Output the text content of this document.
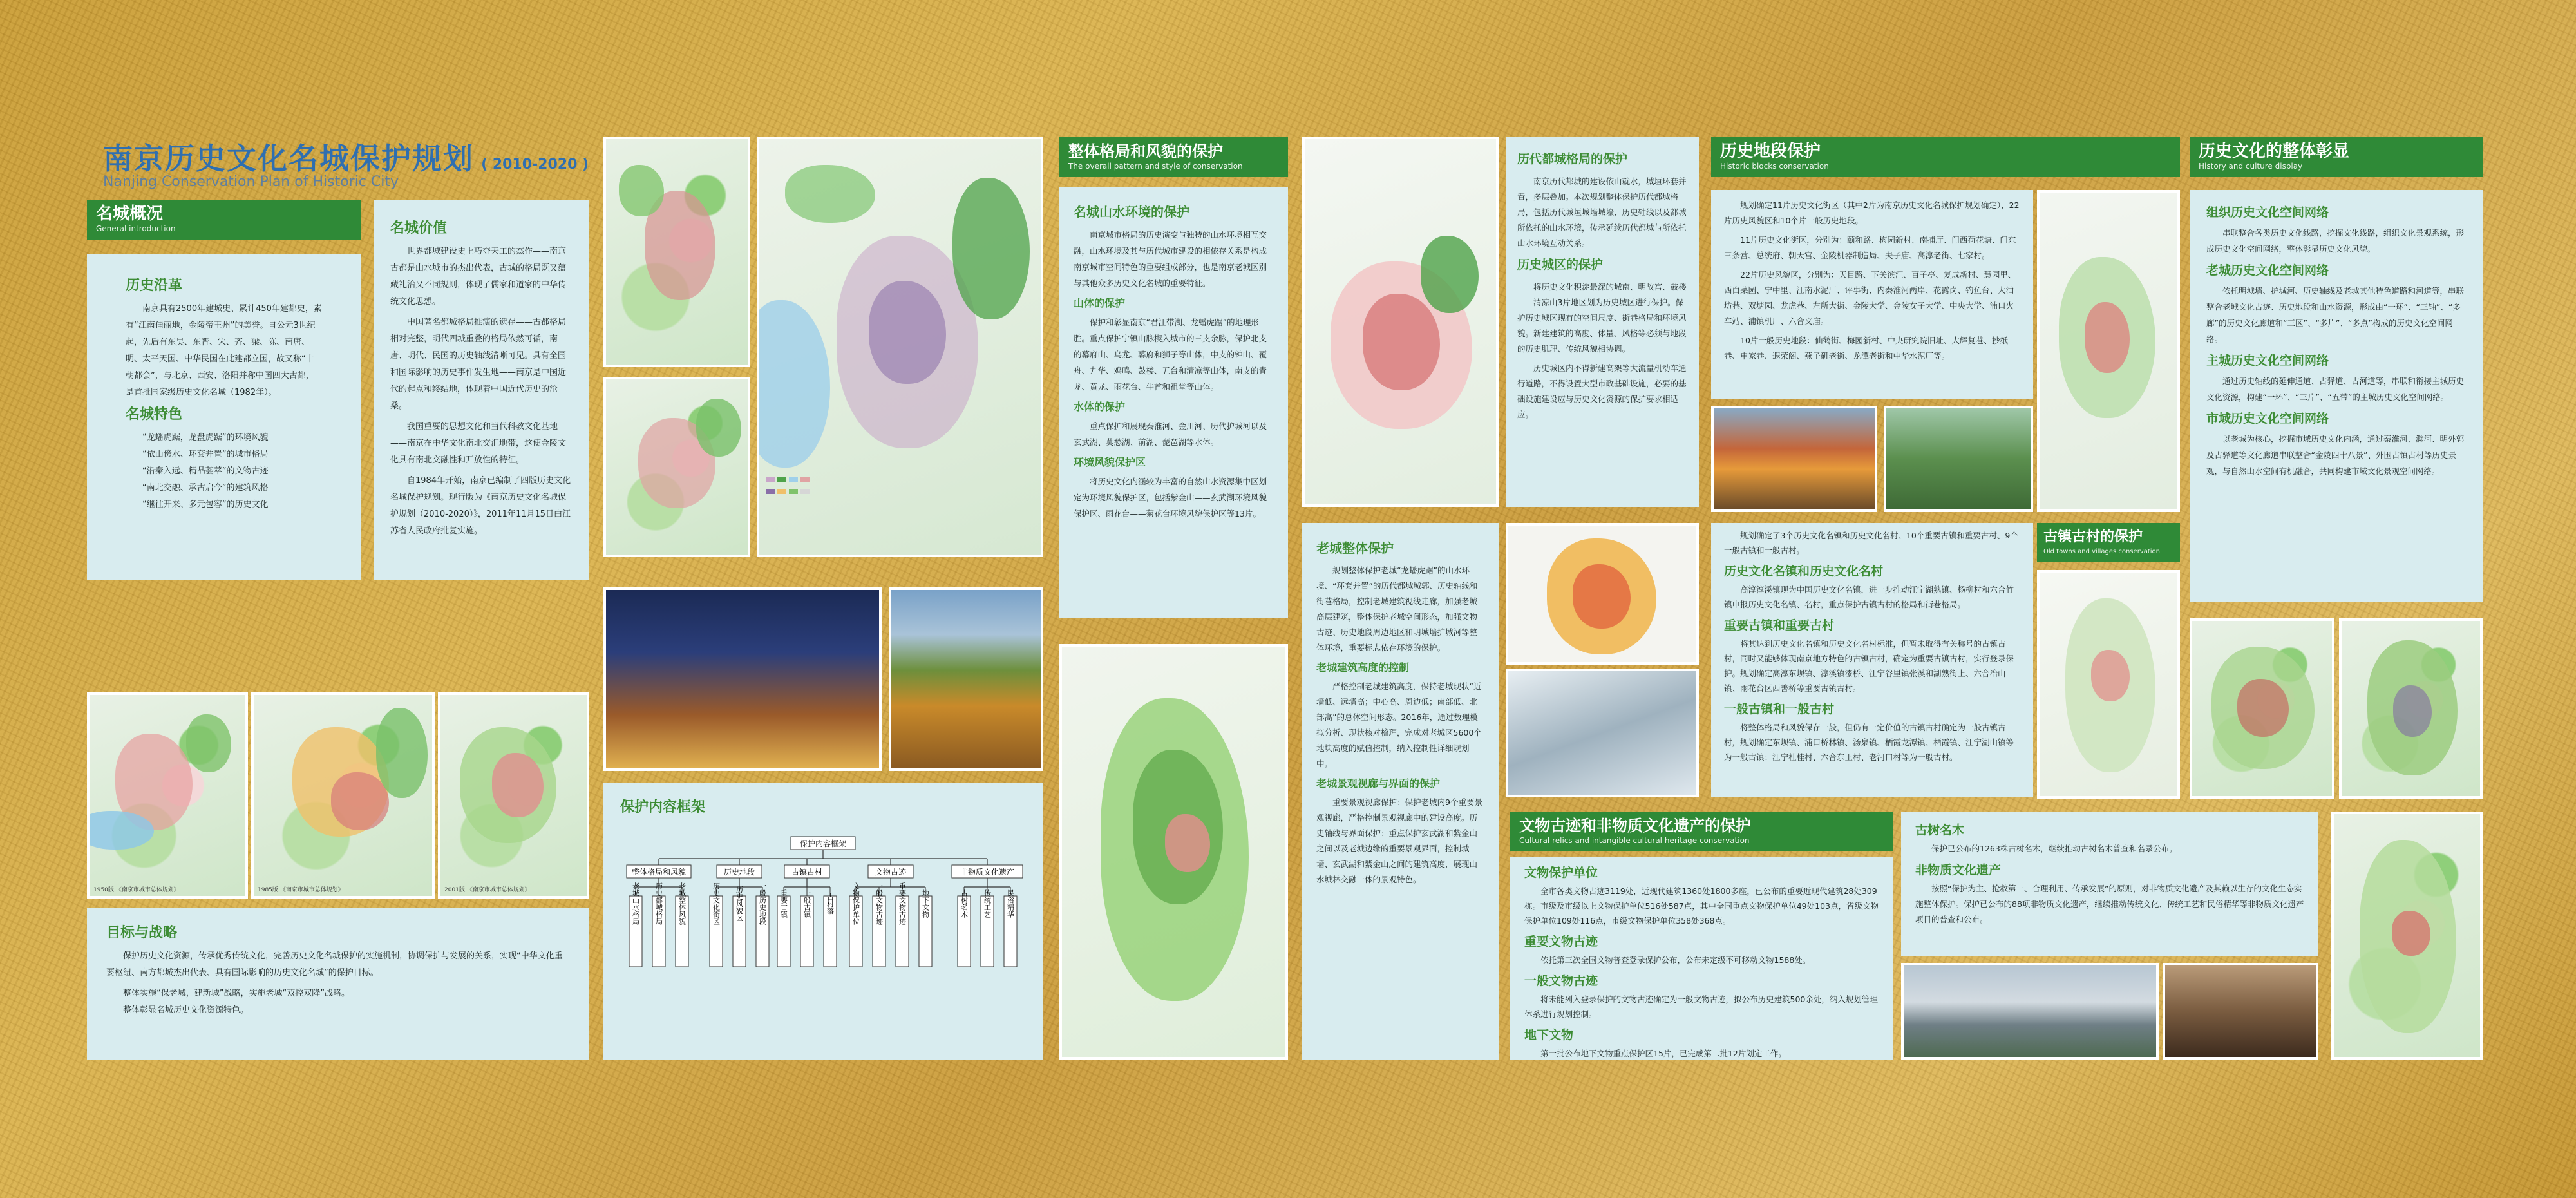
南京历史文化名城保护规划 ( 2010-2020 )
Nanjing Conservation Plan of Historic City
名城概况
General introduction
历史沿革

南京具有2500年建城史、累计450年建都史，素有“江南佳丽地，金陵帝王州”的美誉。自公元3世纪起，先后有东吴、东晋、宋、齐、梁、陈、南唐、明、太平天国、中华民国在此建都立国，故又称“十朝都会”，与北京、西安、洛阳并称中国四大古都，是首批国家级历史文化名城（1982年）。

名城特色
“龙蟠虎踞，龙盘虎踞”的环境风貌
“依山傍水、环套并置”的城市格局
“沿秦入远、精品荟萃”的文物古迹
“南北交融、承古启今”的建筑风格
“继往开来、多元包容”的历史文化
名城价值

世界都城建设史上巧夺天工的杰作——南京古都是山水城市的杰出代表，古城的格局既又蕴藏礼治又不同规则，体现了儒家和道家的中华传统文化思想。

中国著名都城格局推演的遗存——古都格局相对完整，明代四城重叠的格局依然可循，南唐、明代、民国的历史轴线清晰可见。具有全国和国际影响的历史事件发生地——南京是中国近代的起点和终结地，体现着中国近代历史的沧桑。

我国重要的思想文化和当代科教文化基地——南京在中华文化南北交汇地带，这使金陵文化具有南北交融性和开放性的特征。

自1984年开始，南京已编制了四版历史文化名城保护规划。现行版为《南京历史文化名城保护规划（2010-2020）》，2011年11月15日由江苏省人民政府批复实施。

1950版 《南京市城市总体规划》	1985版 《南京市城市总体规划》	2001版 《南京市城市总体规划》
目标与战略

保护历史文化资源，传承优秀传统文化，完善历史文化名城保护的实施机制，协调保护与发展的关系，实现“中华文化重要枢纽、南方都城杰出代表、具有国际影响的历史文化名城”的保护目标。

整体实施“保老城，建新城”战略，实施老城“双控双降”战略。

整体彰显名城历史文化资源特色。

保护内容框架
保护内容框架
整体格局和风貌	历史地段	古镇古村	文物古迹	非物质文化遗产
老城山水格局 历史都城格局 老城整体风貌	历史文化街区 历史风貌区 一般历史地段 重要古镇 一般古镇 古村落 文物保护单位 一般文物古迹 重要文物古迹 地下文物	古树名木 传统工艺 民俗精华
整体格局和风貌的保护
The overall pattern and style of conservation
名城山水环境的保护

南京城市格局的历史演变与独特的山水环境相互交融，山水环境及其与历代城市建设的相依存关系是构成南京城市空间特色的重要组成部分，也是南京老城区别与其他众多历史文化名城的重要特征。

山体的保护

保护和彰显南京“君江带湖、龙蟠虎踞”的地理形胜。重点保护宁镇山脉楔入城市的三支余脉，保护北支的幕府山、乌龙、幕府和狮子等山体，中支的钟山、覆舟、九华、鸡鸣、鼓楼、五台和清凉等山体，南支的青龙、黄龙、雨花台、牛首和祖堂等山体。

水体的保护

重点保护和展现秦淮河、金川河、历代护城河以及玄武湖、莫愁湖、前湖、琵琶湖等水体。

环境风貌保护区

将历史文化内涵较为丰富的自然山水资源集中区划定为环境风貌保护区，包括紫金山——玄武湖环境风貌保护区、雨花台——菊花台环境风貌保护区等13片。

历代都城格局的保护

南京历代都城的建设依山就水，城垣环套并置，多层叠加。本次规划整体保护历代都城格局，包括历代城垣城墙城壕、历史轴线以及都城所依托的山水环境，传承延续历代都城与所依托山水环境互动关系。

历史城区的保护

将历史文化积淀最深的城南、明故宫、鼓楼——清凉山3片地区划为历史城区进行保护。保护历史城区现有的空间尺度、街巷格局和环境风貌。新建建筑的高度、体量、风格等必须与地段的历史肌理、传统风貌相协调。

历史城区内不得新建高架等大流量机动车通行道路，不得设置大型市政基础设施，必要的基础设施建设应与历史文化资源的保护要求相适应。

老城整体保护

规划整体保护老城“龙蟠虎踞”的山水环境、“环套并置”的历代都城城郭、历史轴线和街巷格局，控制老城建筑视线走廊，加强老城高层建筑，整体保护老城空间形态，加强文物古迹、历史地段周边地区和明城墙护城河等整体环境，重要标志依存环境的保护。

老城建筑高度的控制

严格控制老城建筑高度，保持老城现状“近墙低、远墙高；中心高、周边低；南部低、北部高”的总体空间形态。2016年，通过数理模拟分析、现状核对梳理，完成对老城区5600个地块高度的赋值控制，纳入控制性详细规划中。

老城景观视廊与界面的保护

重要景观视廊保护：保护老城内9个重要景观视廊，严格控制景观视廊中的建设高度。历史轴线与界面保护：重点保护玄武湖和紫金山之间以及老城边缘的重要景观界面，控制城墙、玄武湖和紫金山之间的建筑高度，展现山水城林交融一体的景观特色。

文物古迹和非物质文化遗产的保护
Cultural relics and intangible cultural heritage conservation
文物保护单位

全市各类文物古迹3119处，近现代建筑1360处1800多座，已公布的重要近现代建筑28处309栋。市级及市级以上文物保护单位516处587点，其中全国重点文物保护单位49处103点，省级文物保护单位109处116点，市级文物保护单位358处368点。

重要文物古迹

依托第三次全国文物普查登录保护公布，公布未定级不可移动文物1588处。

一般文物古迹

将未能列入登录保护的文物古迹确定为一般文物古迹，拟公布历史建筑500余处，纳入规划管理体系进行规划控制。

地下文物

第一批公布地下文物重点保护区15片，已完成第二批12片划定工作。

历史地段保护
Historic blocks conservation

规划确定11片历史文化街区（其中2片为南京历史文化名城保护规划确定），22片历史风貌区和10个片一般历史地段。

11片历史文化街区，分别为：颐和路、梅园新村、南捕厅、门西荷花塘、门东三条营、总统府、朝天宫、金陵机器制造局、夫子庙、高淳老街、七家村。

22片历史风貌区，分别为：天目路、下关滨江、百子亭、复成新村、慧园里、西白菜园、宁中里、江南水泥厂、评事街、内秦淮河两岸、花露岗、钓鱼台、大油坊巷、双塘园、龙虎巷、左所大街、金陵大学、金陵女子大学、中央大学、浦口火车站、浦镇机厂、六合文庙。

10片一般历史地段：仙鹤街、梅园新村、中央研究院旧址、大辉复巷、抄纸巷、申家巷、遐荣阁、燕子矶老街、龙潭老街和中华水泥厂等。

规划确定了3个历史文化名镇和历史文化名村、10个重要古镇和重要古村、9个一般古镇和一般古村。

历史文化名镇和历史文化名村

高淳淳溪镇现为中国历史文化名镇，进一步推动江宁湖熟镇、杨柳村和六合竹镇申报历史文化名镇、名村，重点保护古镇古村的格局和街巷格局。

重要古镇和重要古村

将其达到历史文化名镇和历史文化名村标准，但暂未取得有关称号的古镇古村，同时又能够体现南京地方特色的古镇古村，确定为重要古镇古村，实行登录保护。规划确定高淳东坝镇、淳溪镇漆桥、江宁谷里镇张溪和湖熟街上、六合冶山镇、雨花台区西善桥等重要古镇古村。

一般古镇和一般古村

将整体格局和风貌保存一般，但仍有一定价值的古镇古村确定为一般古镇古村，规划确定东坝镇、浦口桥林镇、汤泉镇、栖霞龙潭镇、栖霞镇、江宁湖山镇等为一般古镇；江宁杜桂村、六合东王村、老河口村等为一般古村。

古镇古村的保护
Old towns and villages conservation
古树名木

保护已公布的1263株古树名木，继续推动古树名木普查和名录公布。

非物质文化遗产

按照“保护为主、抢救第一、合理利用、传承发展”的原则，对非物质文化遗产及其赖以生存的文化生态实施整体保护。保护已公布的88项非物质文化遗产，继续推动传统文化、传统工艺和民俗精华等非物质文化遗产项目的普查和公布。

历史文化的整体彰显
History and culture display
组织历史文化空间网络

串联整合各类历史文化线路，挖掘文化线路，组织文化景观系统，形成历史文化空间网络，整体彰显历史文化风貌。

老城历史文化空间网络

依托明城墙、护城河、历史轴线及老城其他特色道路和河道等，串联整合老城文化古迹、历史地段和山水资源，形成由“一环”、“三轴”、“多廊”的历史文化廊道和“三区”、“多片”、“多点”构成的历史文化空间网络。

主城历史文化空间网络

通过历史轴线的延伸通道、古驿道、古河道等，串联和衔接主城历史文化资源，构建“一环”、“三片”、“五带”的主城历史文化空间网络。

市域历史文化空间网络

以老城为核心，挖掘市域历史文化内涵，通过秦淮河、滁河、明外郭及古驿道等文化廊道串联整合“金陵四十八景”、外围古镇古村等历史景观，与自然山水空间有机融合，共同构建市域文化景观空间网络。
